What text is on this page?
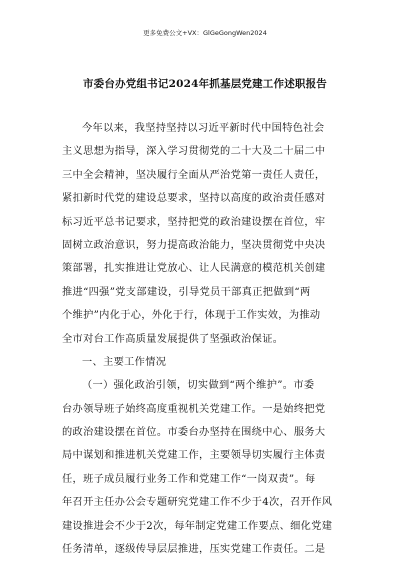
更多免费公文+VX：GlGeGongWen2024
市委台办党组书记2024年抓基层党建工作述职报告
今年以来，我坚持坚持以习近平新时代中国特色社会
主义思想为指导，深入学习贯彻党的二十大及二十届二中
三中全会精神，坚决履行全面从严治党第一责任人责任，
紧扣新时代党的建设总要求，坚持以高度的政治责任感对
标习近平总书记要求，坚持把党的政治建设摆在首位，牢
固树立政治意识，努力提高政治能力，坚决贯彻党中央决
策部署，扎实推进让党放心、让人民满意的模范机关创建
推进“四强”党支部建设，引导党员干部真正把做到“两
个维护”内化于心，外化于行，体现于工作实效，为推动
全市对台工作高质量发展提供了坚强政治保证。
一、主要工作情况
（一）强化政治引领，切实做到“两个维护”。市委
台办领导班子始终高度重视机关党建工作。一是始终把党
的政治建设摆在首位。市委台办坚持在围绕中心、服务大
局中谋划和推进机关党建工作，主要领导切实履行主体责
任，班子成员履行业务工作和党建工作“一岗双责”。每
年召开主任办公会专题研究党建工作不少于4次，召开作风
建设推进会不少于2次，每年制定党建工作要点、细化党建
任务清单，逐级传导层层推进，压实党建工作责任。二是
